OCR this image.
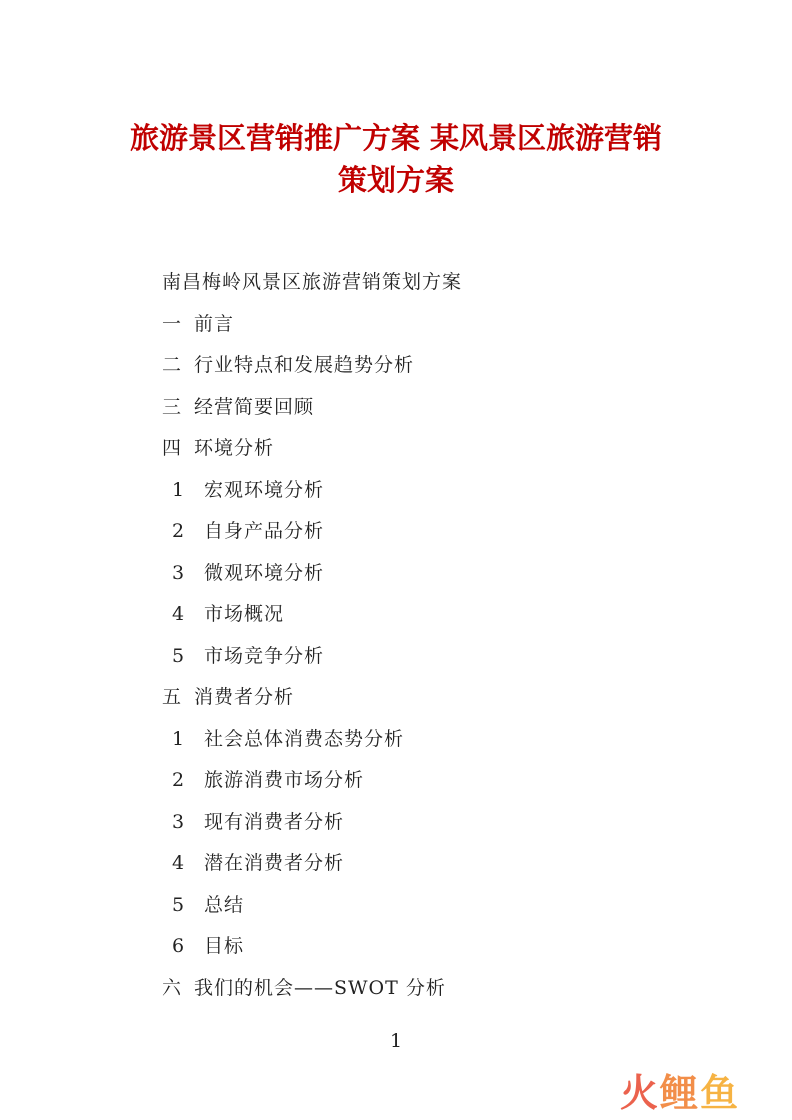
旅游景区营销推广方案 某风景区旅游营销
策划方案
南昌梅岭风景区旅游营销策划方案
一 前言
二 行业特点和发展趋势分析
三 经营简要回顾
四 环境分析
1 宏观环境分析
2 自身产品分析
3 微观环境分析
4 市场概况
5 市场竞争分析
五 消费者分析
1 社会总体消费态势分析
2 旅游消费市场分析
3 现有消费者分析
4 潜在消费者分析
5 总结
6 目标
六 我们的机会——SWOT 分析
1
火 鲤 鱼
